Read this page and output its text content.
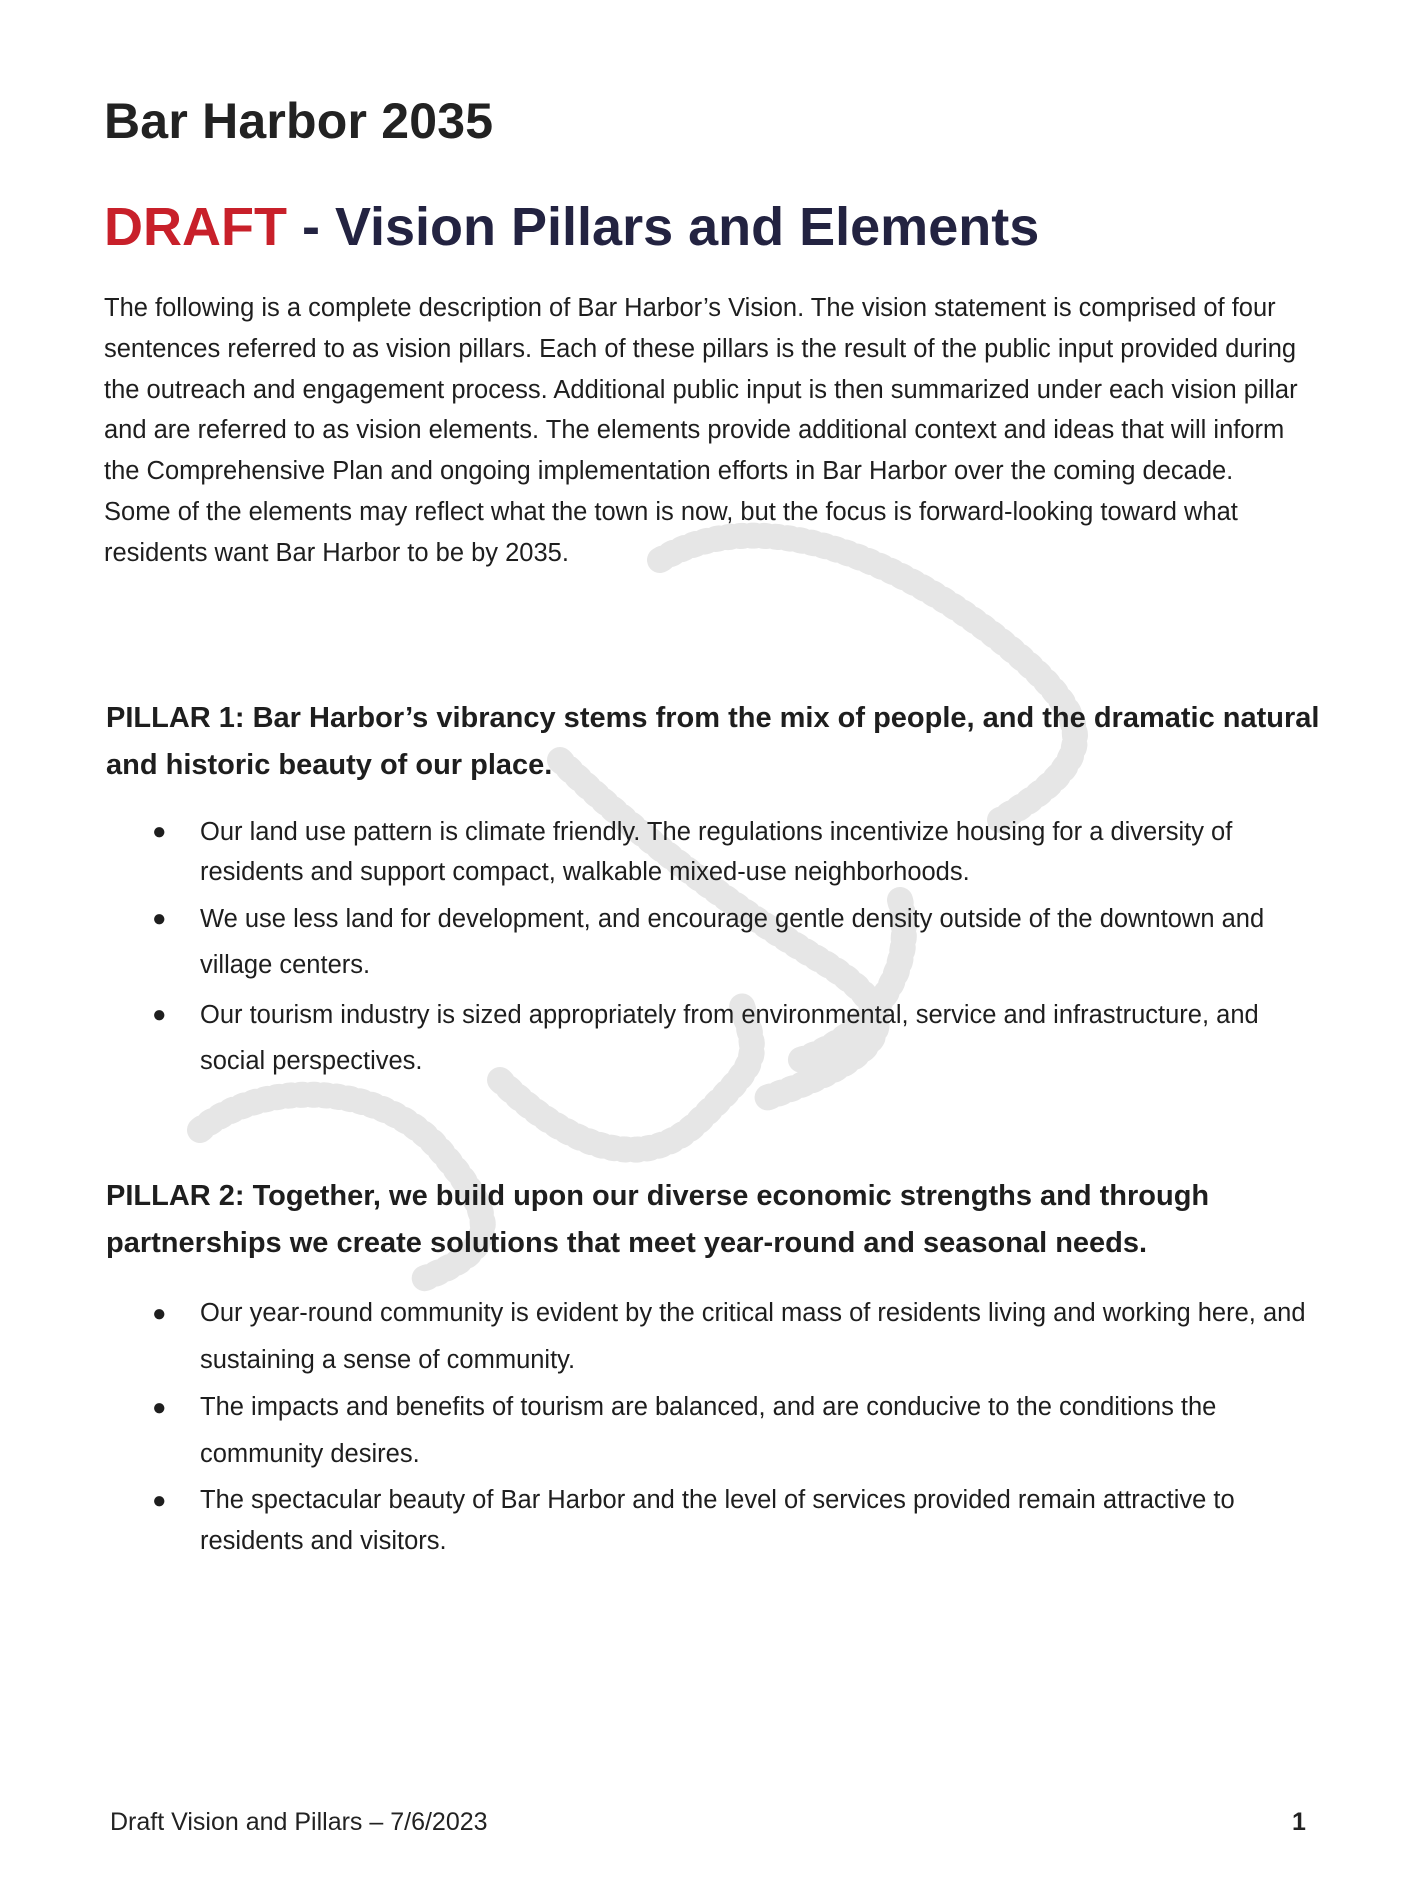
Bar Harbor 2035
DRAFT - Vision Pillars and Elements

The following is a complete description of Bar Harbor’s Vision. The vision statement is comprised of four sentences referred to as vision pillars. Each of these pillars is the result of the public input provided during the outreach and engagement process. Additional public input is then summarized under each vision pillar and are referred to as vision elements. The elements provide additional context and ideas that will inform the Comprehensive Plan and ongoing implementation efforts in Bar Harbor over the coming decade. Some of the elements may reflect what the town is now, but the focus is forward-looking toward what residents want Bar Harbor to be by 2035.

PILLAR 1: Bar Harbor’s vibrancy stems from the mix of people, and the dramatic natural and historic beauty of our place.

● Our land use pattern is climate friendly. The regulations incentivize housing for a diversity of residents and support compact, walkable mixed-use neighborhoods.
● We use less land for development, and encourage gentle density outside of the downtown and village centers.
● Our tourism industry is sized appropriately from environmental, service and infrastructure, and social perspectives.

PILLAR 2: Together, we build upon our diverse economic strengths and through partnerships we create solutions that meet year-round and seasonal needs.

● Our year-round community is evident by the critical mass of residents living and working here, and sustaining a sense of community.
● The impacts and benefits of tourism are balanced, and are conducive to the conditions the community desires.
● The spectacular beauty of Bar Harbor and the level of services provided remain attractive to residents and visitors.
Draft Vision and Pillars – 7/6/2023	1
